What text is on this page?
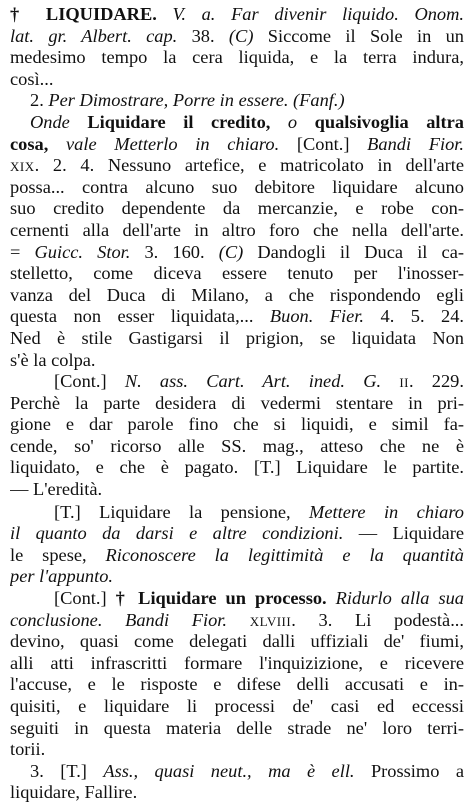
† LIQUIDARE. V. a. Far divenir liquido. Onom.
lat. gr. Albert. cap. 38. (C) Siccome il Sole in un
medesimo tempo la cera liquida, e la terra indura,
così...
2. Per Dimostrare, Porre in essere. (Fanf.)
Onde Liquidare il credito, o qualsivoglia altra
cosa, vale Metterlo in chiaro. [Cont.] Bandi Fior.
xix. 2. 4. Nessuno artefice, e matricolato in dell'arte
possa... contra alcuno suo debitore liquidare alcuno
suo credito dependente da mercanzie, e robe con-
cernenti alla dell'arte in altro foro che nella dell'arte.
= Guicc. Stor. 3. 160. (C) Dandogli il Duca il ca-
stelletto, come diceva essere tenuto per l'inosser-
vanza del Duca di Milano, a che rispondendo egli
questa non esser liquidata,... Buon. Fier. 4. 5. 24.
Ned è stile Gastigarsi il prigion, se liquidata Non
s'è la colpa.
[Cont.] N. ass. Cart. Art. ined. G. ii. 229.
Perchè la parte desidera di vedermi stentare in pri-
gione e dar parole fino che si liquidi, e simil fa-
cende, so' ricorso alle SS. mag., atteso che ne è
liquidato, e che è pagato. [T.] Liquidare le partite.
— L'eredità.
[T.] Liquidare la pensione, Mettere in chiaro
il quanto da darsi e altre condizioni. — Liquidare
le spese, Riconoscere la legittimità e la quantità
per l'appunto.
[Cont.] † Liquidare un processo. Ridurlo alla sua
conclusione. Bandi Fior. xlviii. 3. Li podestà...
devino, quasi come delegati dalli uffiziali de' fiumi,
alli atti infrascritti formare l'inquizizione, e ricevere
l'accuse, e le risposte e difese delli accusati e in-
quisiti, e liquidare li processi de' casi ed eccessi
seguiti in questa materia delle strade ne' loro terri-
torii.
3. [T.] Ass., quasi neut., ma è ell. Prossimo a
liquidare, Fallire.
